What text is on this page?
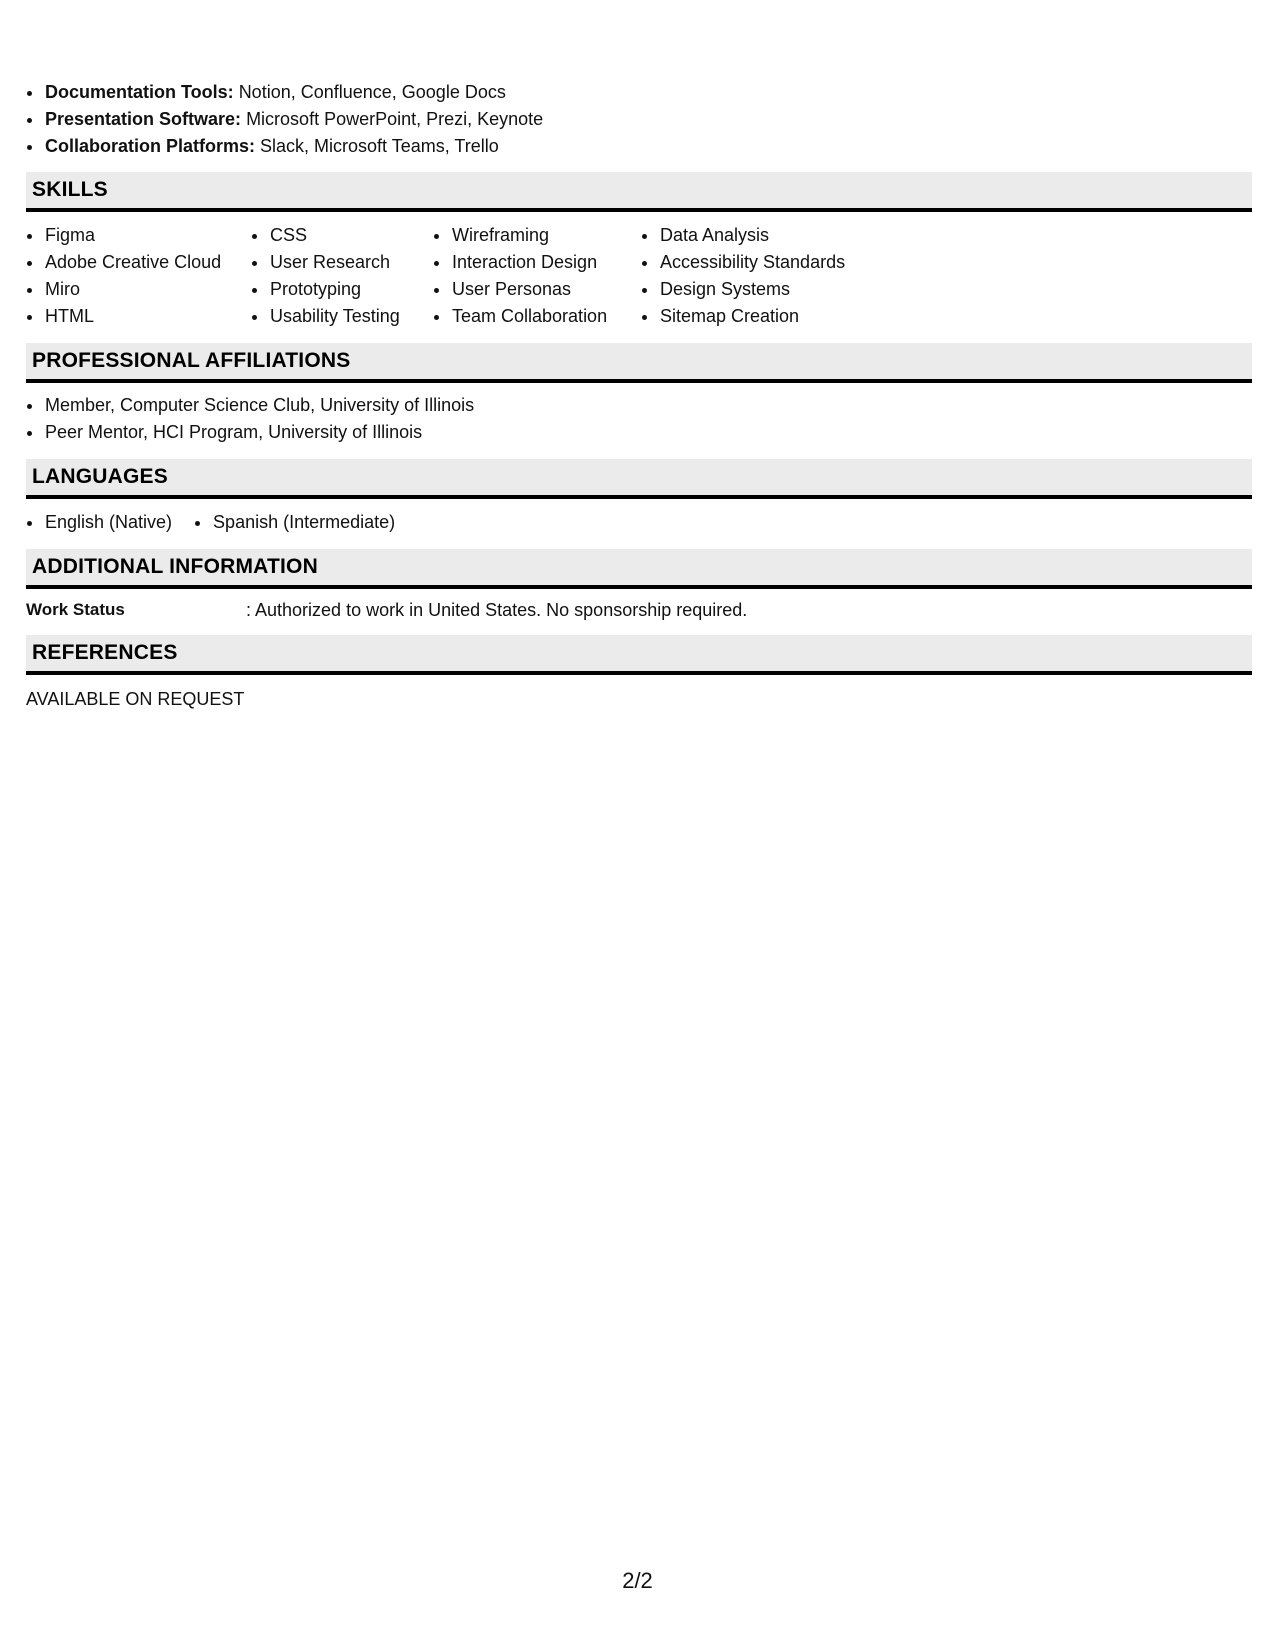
Documentation Tools: Notion, Confluence, Google Docs
Presentation Software: Microsoft PowerPoint, Prezi, Keynote
Collaboration Platforms: Slack, Microsoft Teams, Trello
SKILLS
Figma
Adobe Creative Cloud
Miro
HTML
CSS
User Research
Prototyping
Usability Testing
Wireframing
Interaction Design
User Personas
Team Collaboration
Data Analysis
Accessibility Standards
Design Systems
Sitemap Creation
PROFESSIONAL AFFILIATIONS
Member, Computer Science Club, University of Illinois
Peer Mentor, HCI Program, University of Illinois
LANGUAGES
English (Native)	Spanish (Intermediate)
ADDITIONAL INFORMATION
Work Status	: Authorized to work in United States. No sponsorship required.
REFERENCES
AVAILABLE ON REQUEST
2/2
